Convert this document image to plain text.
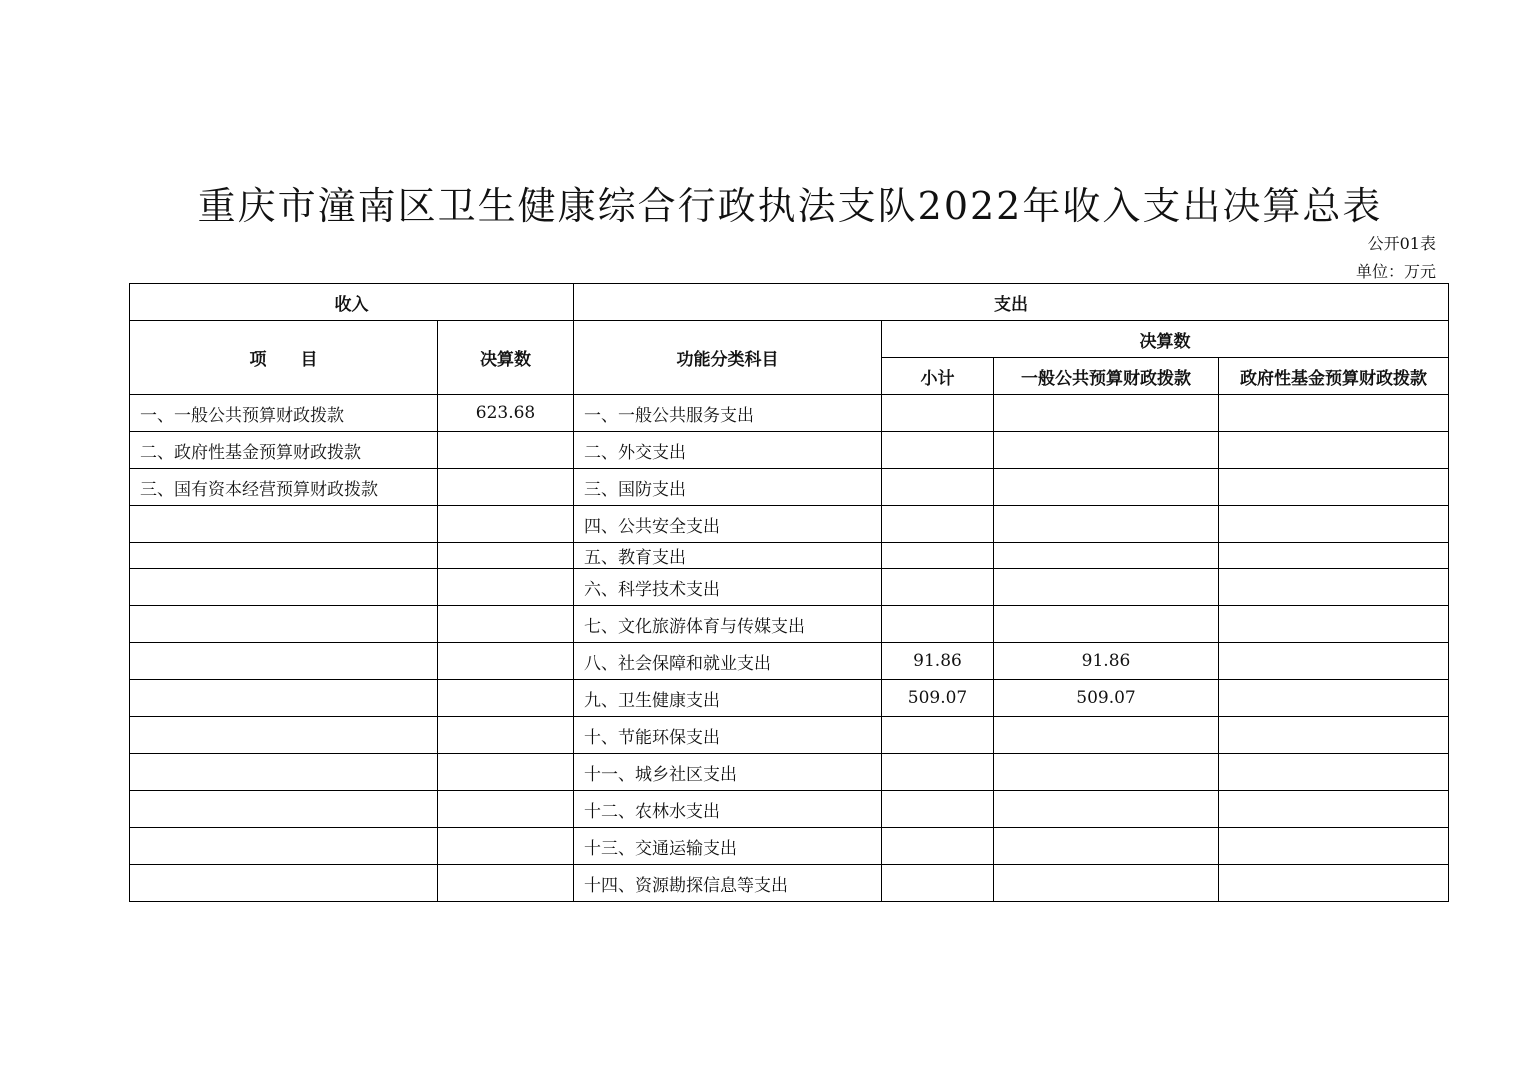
重庆市潼南区卫生健康综合行政执法支队2022年收入支出决算总表
公开01表
单位：万元
收入		支出			
项　　目	决算数	功能分类科目	决算数		
			小计	一般公共预算财政拨款	政府性基金预算财政拨款
一、一般公共预算财政拨款	623.68	一、一般公共服务支出			
二、政府性基金预算财政拨款		二、外交支出			
三、国有资本经营预算财政拨款		三、国防支出			
		四、公共安全支出			
		五、教育支出			
		六、科学技术支出			
		七、文化旅游体育与传媒支出			
		八、社会保障和就业支出	91.86	91.86	
		九、卫生健康支出	509.07	509.07	
		十、节能环保支出			
		十一、城乡社区支出			
		十二、农林水支出			
		十三、交通运输支出			
		十四、资源勘探信息等支出			
